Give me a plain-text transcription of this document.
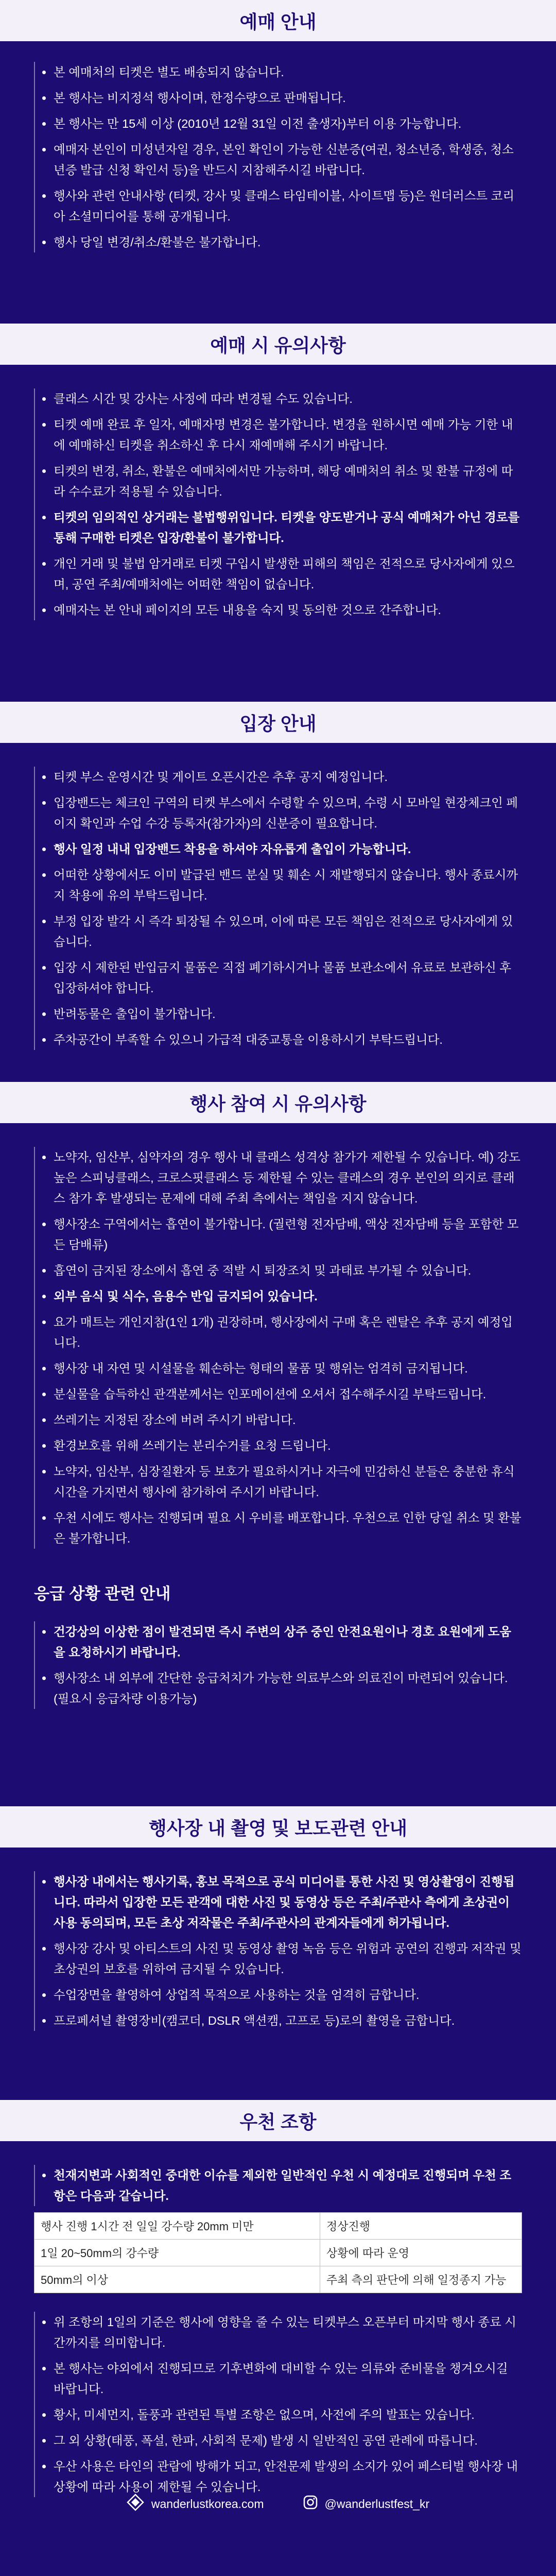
예매 안내
본 예매처의 티켓은 별도 배송되지 않습니다.
본 행사는 비지정석 행사이며, 한정수량으로 판매됩니다.
본 행사는 만 15세 이상 (2010년 12월 31일 이전 출생자)부터 이용 가능합니다.
예매자 본인이 미성년자일 경우, 본인 확인이 가능한 신분증(여권, 청소년증, 학생증, 청소년증 발급 신청 확인서 등)을 반드시 지참해주시길 바랍니다.
행사와 관련 안내사항 (티켓, 강사 및 클래스 타임테이블, 사이트맵 등)은 원더러스트 코리아 소셜미디어를 통해 공개됩니다.
행사 당일 변경/취소/환불은 불가합니다.
예매 시 유의사항
클래스 시간 및 강사는 사정에 따라 변경될 수도 있습니다.
티켓 예매 완료 후 일자, 예매자명 변경은 불가합니다. 변경을 원하시면 예매 가능 기한 내에 예매하신 티켓을 취소하신 후 다시 재예매해 주시기 바랍니다.
티켓의 변경, 취소, 환불은 예매처에서만 가능하며, 해당 예매처의 취소 및 환불 규정에 따라 수수료가 적용될 수 있습니다.
티켓의 임의적인 상거래는 불법행위입니다. 티켓을 양도받거나 공식 예매처가 아닌 경로를 통해 구매한 티켓은 입장/환불이 불가합니다.
개인 거래 및 불법 암거래로 티켓 구입시 발생한 피해의 책임은 전적으로 당사자에게 있으며, 공연 주최/예매처에는 어떠한 책임이 없습니다.
예매자는 본 안내 페이지의 모든 내용을 숙지 및 동의한 것으로 간주합니다.
입장 안내
티켓 부스 운영시간 및 게이트 오픈시간은 추후 공지 예정입니다.
입장밴드는 체크인 구역의 티켓 부스에서 수령할 수 있으며, 수령 시 모바일 현장체크인 페이지 확인과 수업 수강 등록자(참가자)의 신분증이 필요합니다.
행사 일정 내내 입장밴드 착용을 하셔야 자유롭게 출입이 가능합니다.
어떠한 상황에서도 이미 발급된 밴드 분실 및 훼손 시 재발행되지 않습니다. 행사 종료시까지 착용에 유의 부탁드립니다.
부정 입장 발각 시 즉각 퇴장될 수 있으며, 이에 따른 모든 책임은 전적으로 당사자에게 있습니다.
입장 시 제한된 반입금지 물품은 직접 폐기하시거나 물품 보관소에서 유료로 보관하신 후 입장하셔야 합니다.
반려동물은 출입이 불가합니다.
주차공간이 부족할 수 있으니 가급적 대중교통을 이용하시기 부탁드립니다.
행사 참여 시 유의사항
노약자, 임산부, 심약자의 경우 행사 내 클래스 성격상 참가가 제한될 수 있습니다. 예) 강도 높은 스피닝클래스, 크로스핏클래스 등 제한될 수 있는 클래스의 경우 본인의 의지로 클래스 참가 후 발생되는 문제에 대해 주최 측에서는 책임을 지지 않습니다.
행사장소 구역에서는 흡연이 불가합니다. (궐련형 전자담배, 액상 전자담배 등을 포함한 모든 담배류)
흡연이 금지된 장소에서 흡연 중 적발 시 퇴장조치 및 과태료 부가될 수 있습니다.
외부 음식 및 식수, 음용수 반입 금지되어 있습니다.
요가 매트는 개인지참(1인 1개) 권장하며, 행사장에서 구매 혹은 렌탈은 추후 공지 예정입니다.
행사장 내 자연 및 시설물을 훼손하는 형태의 물품 및 행위는 엄격히 금지됩니다.
분실물을 습득하신 관객분께서는 인포메이션에 오셔서 접수해주시길 부탁드립니다.
쓰레기는 지정된 장소에 버려 주시기 바랍니다.
환경보호를 위해 쓰레기는 분리수거를 요청 드립니다.
노약자, 임산부, 심장질환자 등 보호가 필요하시거나 자극에 민감하신 분들은 충분한 휴식 시간을 가지면서 행사에 참가하여 주시기 바랍니다.
우천 시에도 행사는 진행되며 필요 시 우비를 배포합니다. 우천으로 인한 당일 취소 및 환불은 불가합니다.
응급 상황 관련 안내
건강상의 이상한 점이 발견되면 즉시 주변의 상주 중인 안전요원이나 경호 요원에게 도움을 요청하시기 바랍니다.
행사장소 내 외부에 간단한 응급처치가 가능한 의료부스와 의료진이 마련되어 있습니다. (필요시 응급차량 이용가능)
행사장 내 촬영 및 보도관련 안내
행사장 내에서는 행사기록, 홍보 목적으로 공식 미디어를 통한 사진 및 영상촬영이 진행됩니다. 따라서 입장한 모든 관객에 대한 사진 및 동영상 등은 주최/주관사 측에게 초상권이 사용 동의되며, 모든 초상 저작물은 주최/주관사의 관계자들에게 허가됩니다.
행사장 강사 및 아티스트의 사진 및 동영상 촬영 녹음 등은 위험과 공연의 진행과 저작권 및 초상권의 보호를 위하여 금지될 수 있습니다.
수업장면을 촬영하여 상업적 목적으로 사용하는 것을 엄격히 금합니다.
프로페셔널 촬영장비(캠코더, DSLR 액션캠, 고프로 등)로의 촬영을 금합니다.
우천 조항
천재지변과 사회적인 중대한 이슈를 제외한 일반적인 우천 시 예정대로 진행되며 우천 조항은 다음과 같습니다.
행사 진행 1시간 전 일일 강수량 20mm 미만	정상진행
1일 20~50mm의 강수량	상황에 따라 운영
50mm의 이상	주최 측의 판단에 의해 일정종지 가능
위 조항의 1일의 기준은 행사에 영향을 줄 수 있는 티켓부스 오픈부터 마지막 행사 종료 시간까지를 의미합니다.
본 행사는 야외에서 진행되므로 기후변화에 대비할 수 있는 의류와 준비물을 챙겨오시길 바랍니다.
황사, 미세먼지, 돌풍과 관련된 특별 조항은 없으며, 사전에 주의 발표는 있습니다.
그 외 상황(태풍, 폭설, 한파, 사회적 문제) 발생 시 일반적인 공연 관례에 따릅니다.
우산 사용은 타인의 관람에 방해가 되고, 안전문제 발생의 소지가 있어 페스티벌 행사장 내 상황에 따라 사용이 제한될 수 있습니다.
wanderlustkorea.com	@wanderlustfest_kr
